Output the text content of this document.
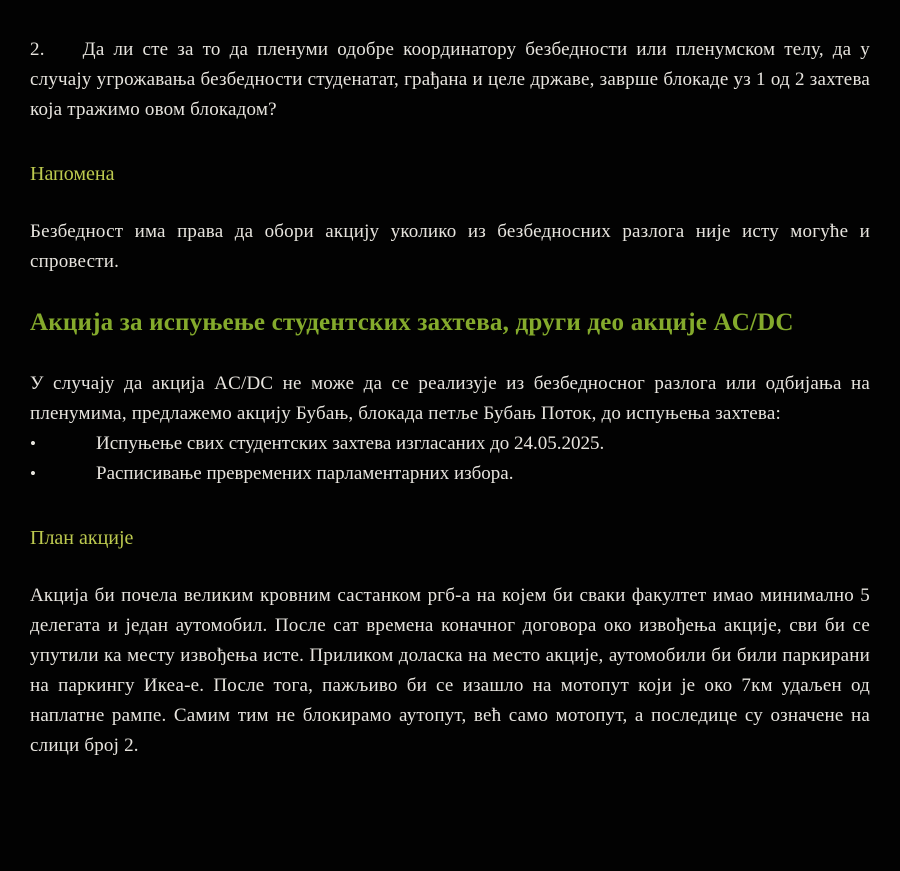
2. Да ли сте за то да пленуми одобре координатору безбедности или пленумском телу, да у случају угрожавања безбедности студенатат, грађана и целе државе, заврше блокаде уз 1 од 2 захтева која тражимо овом блокадом?

Напомена

Безбедност има права да обори акцију уколико из безбедносних разлога није исту могуће и спровести.

Акција за испуњење студентских захтева, други део акције AC/DC

У случају да акција AC/DC не може да се реализује из безбедносног разлога или одбијања на пленумима, предлажемо акцију Бубањ, блокада петље Бубањ Поток, до испуњења захтева:

•	Испуњење свих студентских захтева изгласаних до 24.05.2025.
•	Расписивање превремених парламентарних избора.
План акције

Акција би почела великим кровним састанком ргб-а на којем би сваки факултет имао минимално 5 делегата и један аутомобил. После сат времена коначног договора око извођења акције, сви би се упутили ка месту извођења исте. Приликом доласка на место акције, аутомобили би били паркирани на паркингу Икеа-е. После тога, пажљиво би се изашло на мотопут који је око 7км удаљен од наплатне рампе. Самим тим не блокирамо аутопут, већ само мотопут, а последице су означене на слици број 2.
